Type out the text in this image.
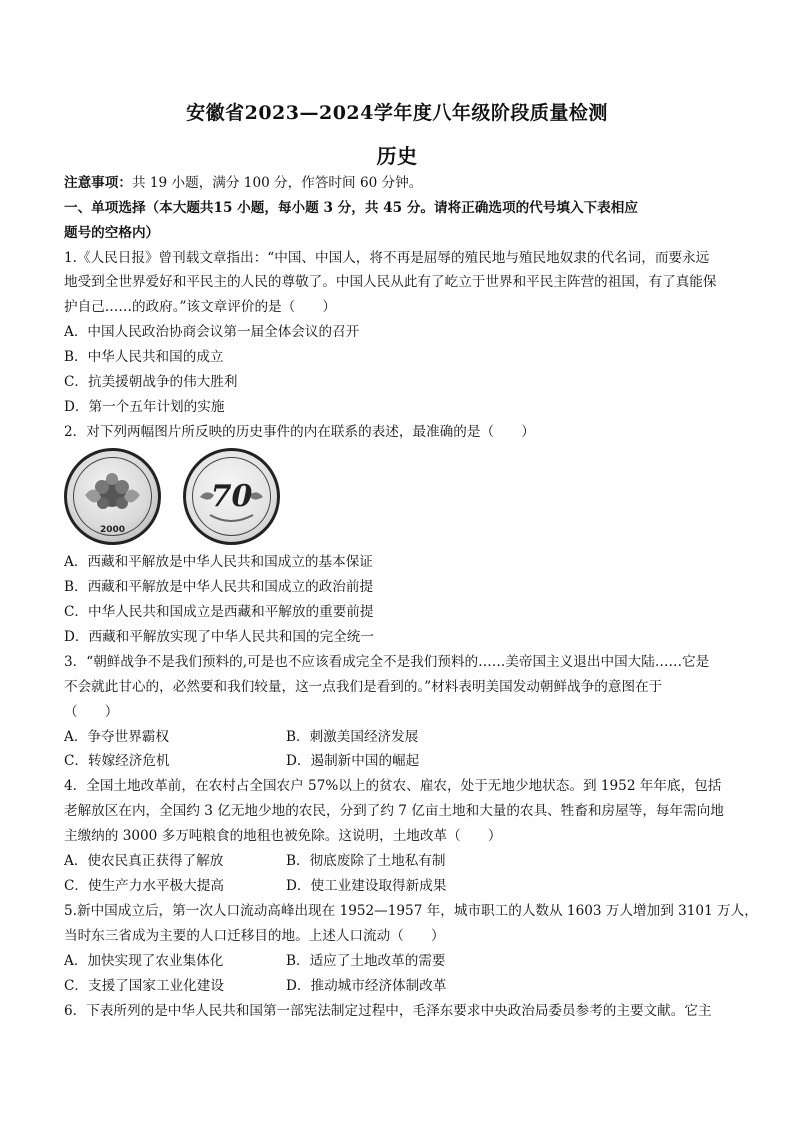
安徽省2023—2024学年度八年级阶段质量检测
历史
注意事项：共 19 小题，满分 100 分，作答时间 60 分钟。
一、单项选择（本大题共15 小题，每小题 3 分，共 45 分。请将正确选项的代号填入下表相应
题号的空格内）
1.《人民日报》曾刊载文章指出：“中国、中国人，将不再是屈辱的殖民地与殖民地奴隶的代名词，而要永远
地受到全世界爱好和平民主的人民的尊敬了。中国人民从此有了屹立于世界和平民主阵营的祖国，有了真能保
护自己……的政府。”该文章评价的是（　　）
A．中国人民政治协商会议第一届全体会议的召开
B．中华人民共和国的成立
C．抗美援朝战争的伟大胜利
D．第一个五年计划的实施
2．对下列两幅图片所反映的历史事件的内在联系的表述，最准确的是（　　）
2000
70
A．西藏和平解放是中华人民共和国成立的基本保证
B．西藏和平解放是中华人民共和国成立的政治前提
C．中华人民共和国成立是西藏和平解放的重要前提
D．西藏和平解放实现了中华人民共和国的完全统一
3．“朝鲜战争不是我们预料的,可是也不应该看成完全不是我们预料的……美帝国主义退出中国大陆……它是
不会就此甘心的，必然要和我们较量，这一点我们是看到的。”材料表明美国发动朝鲜战争的意图在于
（　　）
A．争夺世界霸权	B．刺激美国经济发展
C．转嫁经济危机	D．遏制新中国的崛起
4．全国土地改革前，在农村占全国农户 57%以上的贫农、雇农，处于无地少地状态。到 1952 年年底，包括
老解放区在内，全国约 3 亿无地少地的农民，分到了约 7 亿亩土地和大量的农具、牲畜和房屋等，每年需向地
主缴纳的 3000 多万吨粮食的地租也被免除。这说明，土地改革（　　）
A．使农民真正获得了解放	B．彻底废除了土地私有制
C．使生产力水平极大提高	D．使工业建设取得新成果
5.新中国成立后，第一次人口流动高峰出现在 1952—1957 年，城市职工的人数从 1603 万人增加到 3101 万人，
当时东三省成为主要的人口迁移目的地。上述人口流动（　　）
A．加快实现了农业集体化	B．适应了土地改革的需要
C．支援了国家工业化建设	D．推动城市经济体制改革
6．下表所列的是中华人民共和国第一部宪法制定过程中，毛泽东要求中央政治局委员参考的主要文献。它主
